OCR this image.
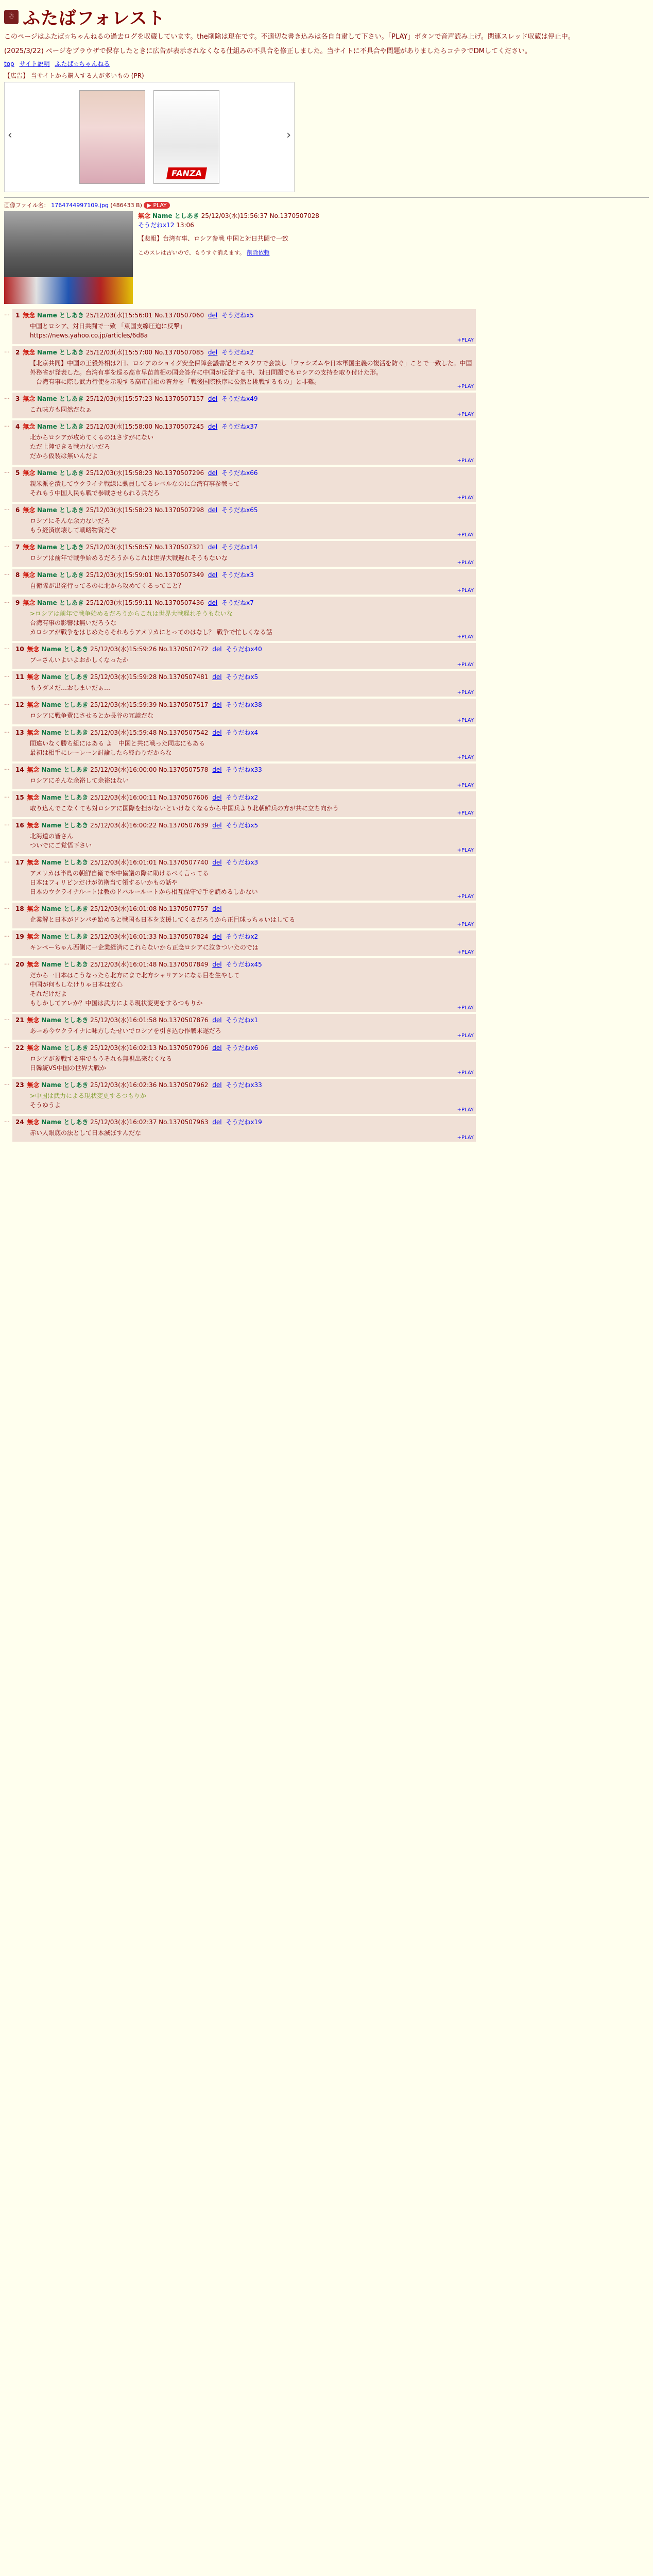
☃ ふたばフォレスト
このページはふたば☆ちゃんねるの過去ログを収蔵しています。the削除は現在です。不適切な書き込みは各自自粛して下さい。「PLAY」ボタンで音声読み上げ。関連スレッド収蔵は停止中。
(2025/3/22) ページをブラウザで保存したときに広告が表示されなくなる仕組みの不具合を修正しました。当サイトに不具合や問題がありましたらコチラでDMしてください。
top サイト説明 ふたば☆ちゃんねる
【広告】 当サイトから購入する人が多いもの (PR)
‹
FANZA
›
画像ファイル名： 1764744997109.jpg (486433 B) ▶ PLAY
無念 Name としあき 25/12/03(水)15:56:37 No.1370507028
そうだねx12 13:06
【悲報】台湾有事、ロシア参戦 中国と対日共闘で一致
このスレは古いので、もうすぐ消えます。 削除依頼
… 1 無念 Name としあき 25/12/03(水)15:56:01 No.1370507060 del そうだねx5
中国とロシア、対日共闘で一致 「東国支線圧迫に反撃」
https://news.yahoo.co.jp/articles/6d8a
+PLAY
… 2 無念 Name としあき 25/12/03(水)15:57:00 No.1370507085 del そうだねx2
【北京共同】中国の王毅外相は2日、ロシアのショイグ安全保障会議書記とモスクワで会談し「ファシズムや日本軍国主義の復活を防ぐ」ことで一致した。中国外務省が発表した。台湾有事を巡る高市早苗首相の国会答弁に中国が反発する中、対日問題でもロシアの支持を取り付けた形。
　台湾有事に際し武力行使を示唆する高市首相の答弁を「戦後国際秩序に公然と挑戦するもの」と非難。
+PLAY
… 3 無念 Name としあき 25/12/03(水)15:57:23 No.1370507157 del そうだねx49
これ味方も同然だなぁ
+PLAY
… 4 無念 Name としあき 25/12/03(水)15:58:00 No.1370507245 del そうだねx37
北からロシアが攻めてくるのはさすがにない
ただ上陸できる戦力ないだろ
だから仮装は無いんだよ
+PLAY
… 5 無念 Name としあき 25/12/03(水)15:58:23 No.1370507296 del そうだねx66
親米派を潰してウクライナ戦線に動員してるレベルなのに台湾有事参戦って
それもう中国人民も戦で参戦させられる兵だろ
+PLAY
… 6 無念 Name としあき 25/12/03(水)15:58:23 No.1370507298 del そうだねx65
ロシアにそんな余力ないだろ
もう経済崩壊して戦略物資だぞ
+PLAY
… 7 無念 Name としあき 25/12/03(水)15:58:57 No.1370507321 del そうだねx14
ロシアは前年で戦争始めるだろうからこれは世界大戦遅れそうもないな
+PLAY
… 8 無念 Name としあき 25/12/03(水)15:59:01 No.1370507349 del そうだねx3
自衛隊が出発行ってるのに北から攻めてくるってこと？
+PLAY
… 9 無念 Name としあき 25/12/03(水)15:59:11 No.1370507436 del そうだねx7
>ロシアは前年で戦争始めるだろうからこれは世界大戦遅れそうもないな
台湾有事の影響は無いだろうな
カロシアが戦争をはじめたらそれもうアメリカにとってのはなし？ 戦争で忙しくなる話
+PLAY
… 10 無念 Name としあき 25/12/03(水)15:59:26 No.1370507472 del そうだねx40
プーさんいよいよおかしくなったか
+PLAY
… 11 無念 Name としあき 25/12/03(水)15:59:28 No.1370507481 del そうだねx5
もうダメだ…おしまいだぁ…
+PLAY
… 12 無念 Name としあき 25/12/03(水)15:59:39 No.1370507517 del そうだねx38
ロシアに戦争費にさせるとか長谷の冗談だな
+PLAY
… 13 無念 Name としあき 25/12/03(水)15:59:48 No.1370507542 del そうだねx4
間違いなく勝ち組にはある よ　中国と共に戦った同志にもある
最初は相手にレーレーン討論したら終わりだからな
+PLAY
… 14 無念 Name としあき 25/12/03(水)16:00:00 No.1370507578 del そうだねx33
ロシアにそんな余裕して余裕はない
+PLAY
… 15 無念 Name としあき 25/12/03(水)16:00:11 No.1370507606 del そうだねx2
取り込んでこなくても対ロシアに国際を担がないといけなくなるから中国兵より北朝鮮兵の方が共に立ち向かう
+PLAY
… 16 無念 Name としあき 25/12/03(水)16:00:22 No.1370507639 del そうだねx5
北海道の皆さん
ついでにご覚悟下さい
+PLAY
… 17 無念 Name としあき 25/12/03(水)16:01:01 No.1370507740 del そうだねx3
アメリカは半島の朝鮮自衛で米中協議の際に助けるべく言ってる
日本はフィリピンだけが防衛当て領するいかもの話や
日本のウクライナルートは教のドバルールートから相互保守で手を読めるしかない
+PLAY
… 18 無念 Name としあき 25/12/03(水)16:01:08 No.1370507757 del
企業解と日本がドンパチ始めると戦国も日本を支援してくるだろうから正目球っちゃいはしてる
+PLAY
… 19 無念 Name としあき 25/12/03(水)16:01:33 No.1370507824 del そうだねx2
キンペーちゃん西側に一企業経済にこれらないから正念ロシアに泣きついたのでは
+PLAY
… 20 無念 Name としあき 25/12/03(水)16:01:48 No.1370507849 del そうだねx45
だから一日本はこうなったら北方にまで北方シャリアンになる目を生やして
中国が何もしなけりゃ日本は安心
それだけだよ
もしかしてアレか？中国は武力による現状変更をするつもりか
+PLAY
… 21 無念 Name としあき 25/12/03(水)16:01:58 No.1370507876 del そうだねx1
あーあ今ウクライナに味方したせいでロシアを引き込む作戦未遂だろ
+PLAY
… 22 無念 Name としあき 25/12/03(水)16:02:13 No.1370507906 del そうだねx6
ロシアが参戦する事でもうそれも無視出来なくなる
日韓統VS中国の世界大戦か
+PLAY
… 23 無念 Name としあき 25/12/03(水)16:02:36 No.1370507962 del そうだねx33
>中国は武力による現状変更するつもりか
そうゆうよ
+PLAY
… 24 無念 Name としあき 25/12/03(水)16:02:37 No.1370507963 del そうだねx19
赤い人眼底の法として日本滅ぼすんだな
+PLAY
